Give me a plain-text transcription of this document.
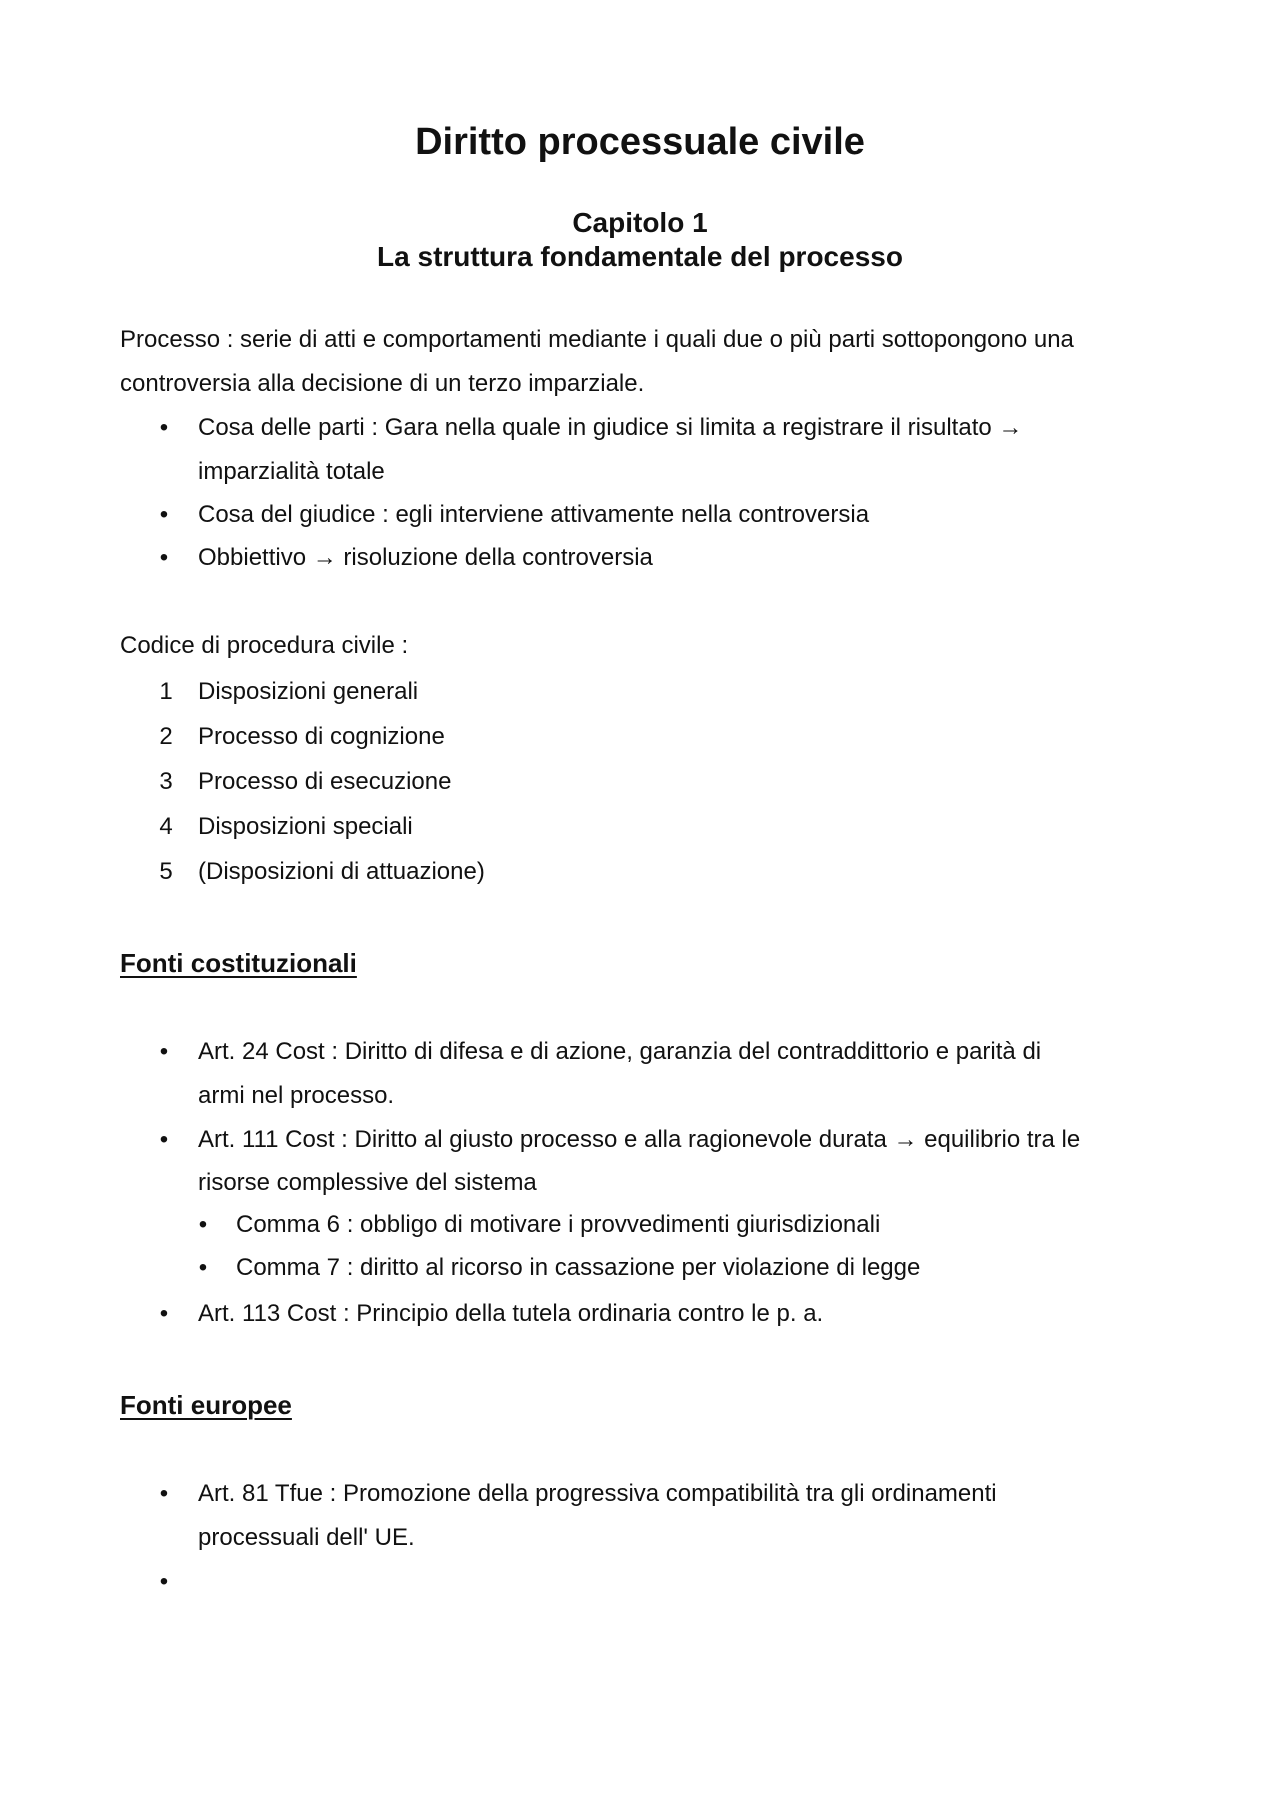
Diritto processuale civile
Capitolo 1
La struttura fondamentale del processo
Processo : serie di atti e comportamenti mediante i quali due o più parti sottopongono una controversia alla decisione di un terzo imparziale.
• Cosa delle parti : Gara nella quale in giudice si limita a registrare il risultato →
imparzialità totale
• Cosa del giudice : egli interviene attivamente nella controversia
• Obbiettivo → risoluzione della controversia
Codice di procedura civile :
1 Disposizioni generali
2 Processo di cognizione
3 Processo di esecuzione
4 Disposizioni speciali
5 (Disposizioni di attuazione)
Fonti costituzionali
• Art. 24 Cost : Diritto di difesa e di azione, garanzia del contraddittorio e parità di
armi nel processo.
• Art. 111 Cost : Diritto al giusto processo e alla ragionevole durata → equilibrio tra le
risorse complessive del sistema
• Comma 6 : obbligo di motivare i provvedimenti giurisdizionali
• Comma 7 : diritto al ricorso in cassazione per violazione di legge
• Art. 113 Cost : Principio della tutela ordinaria contro le p. a.
Fonti europee
• Art. 81 Tfue : Promozione della progressiva compatibilità tra gli ordinamenti
processuali dell' UE.
•
